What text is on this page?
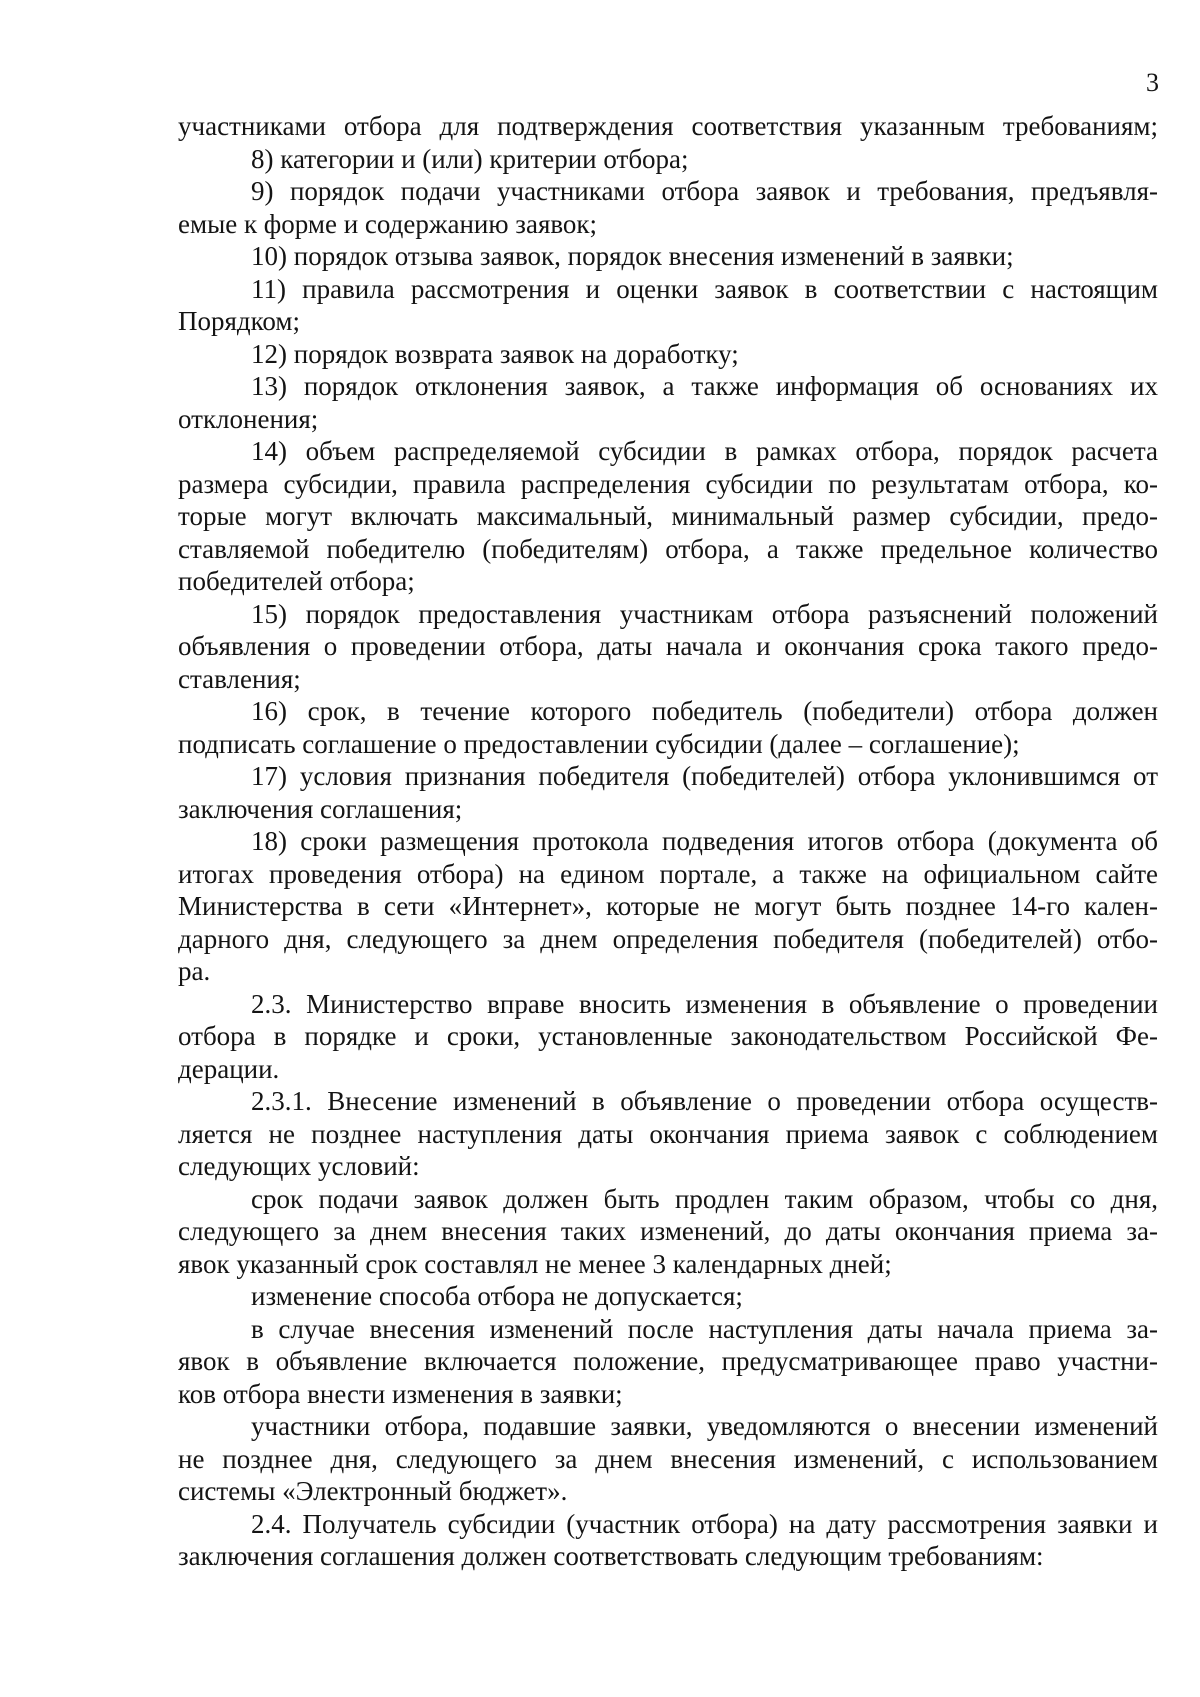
3
участниками отбора для подтверждения соответствия указанным требованиям;
8) категории и (или) критерии отбора;
9) порядок подачи участниками отбора заявок и требования, предъявля-
емые к форме и содержанию заявок;
10) порядок отзыва заявок, порядок внесения изменений в заявки;
11) правила рассмотрения и оценки заявок в соответствии с настоящим
Порядком;
12) порядок возврата заявок на доработку;
13) порядок отклонения заявок, а также информация об основаниях их
отклонения;
14) объем распределяемой субсидии в рамках отбора, порядок расчета
размера субсидии, правила распределения субсидии по результатам отбора, ко-
торые могут включать максимальный, минимальный размер субсидии, предо-
ставляемой победителю (победителям) отбора, а также предельное количество
победителей отбора;
15) порядок предоставления участникам отбора разъяснений положений
объявления о проведении отбора, даты начала и окончания срока такого предо-
ставления;
16) срок, в течение которого победитель (победители) отбора должен
подписать соглашение о предоставлении субсидии (далее – соглашение);
17) условия признания победителя (победителей) отбора уклонившимся от
заключения соглашения;
18) сроки размещения протокола подведения итогов отбора (документа об
итогах проведения отбора) на едином портале, а также на официальном сайте
Министерства в сети «Интернет», которые не могут быть позднее 14-го кален-
дарного дня, следующего за днем определения победителя (победителей) отбо-
ра.
2.3. Министерство вправе вносить изменения в объявление о проведении
отбора в порядке и сроки, установленные законодательством Российской Фе-
дерации.
2.3.1. Внесение изменений в объявление о проведении отбора осуществ-
ляется не позднее наступления даты окончания приема заявок с соблюдением
следующих условий:
срок подачи заявок должен быть продлен таким образом, чтобы со дня,
следующего за днем внесения таких изменений, до даты окончания приема за-
явок указанный срок составлял не менее 3 календарных дней;
изменение способа отбора не допускается;
в случае внесения изменений после наступления даты начала приема за-
явок в объявление включается положение, предусматривающее право участни-
ков отбора внести изменения в заявки;
участники отбора, подавшие заявки, уведомляются о внесении изменений
не позднее дня, следующего за днем внесения изменений, с использованием
системы «Электронный бюджет».
2.4. Получатель субсидии (участник отбора) на дату рассмотрения заявки и
заключения соглашения должен соответствовать следующим требованиям:
